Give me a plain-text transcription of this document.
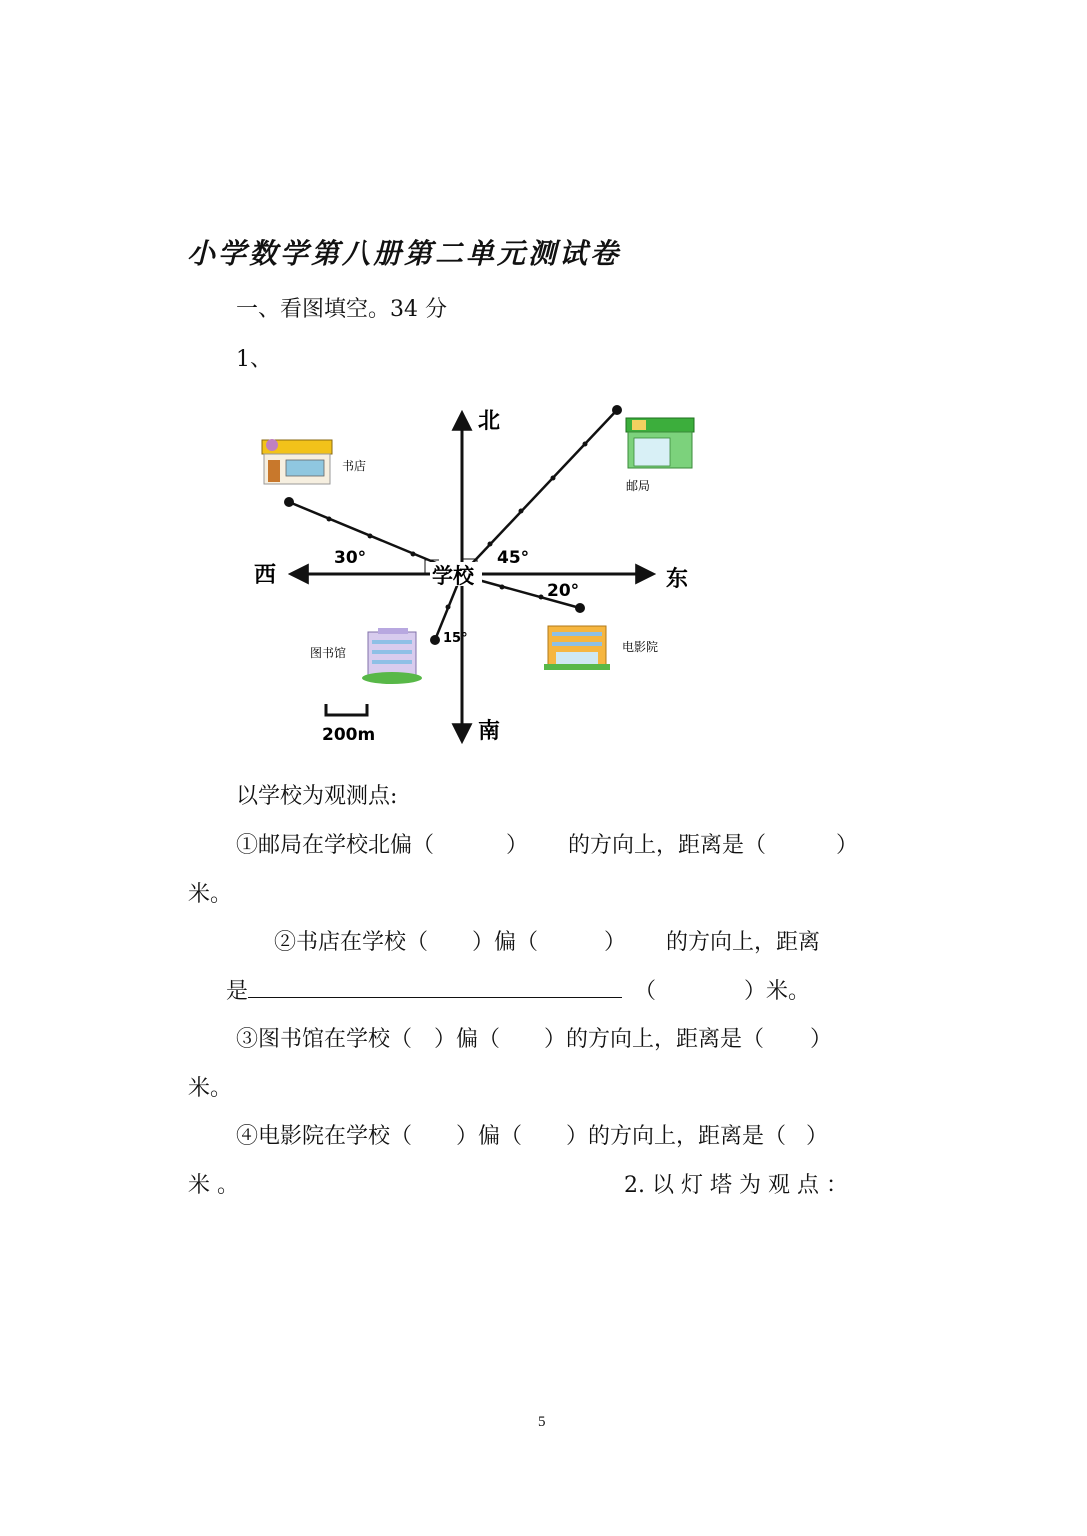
小学数学第八册第二单元测试卷
一、看图填空。34 分
1、
北
南
东
西	学校
30°	45°
20°
15°
书店
邮局
图书馆	电影院
200m
以学校为观测点:
①邮局在学校北偏（	） 的方向上，距离是（	）
米。
②书店在学校（ ）偏（	） 的方向上，距离
是	（	）米。
③图书馆在学校（ ）偏（ ）的方向上，距离是（ ）
米。
④电影院在学校（ ）偏（ ）的方向上，距离是（ ）
米 。	2. 以 灯 塔 为 观 点 ：
5
